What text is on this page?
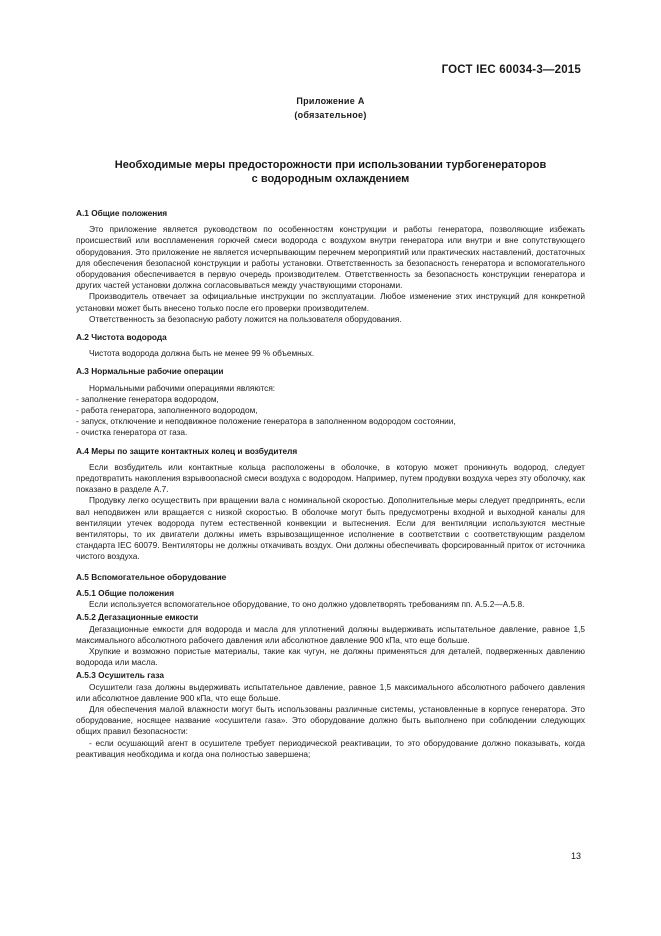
ГОСТ IEC 60034-3—2015
Приложение А
(обязательное)
Необходимые меры предосторожности при использовании турбогенераторов
с водородным охлаждением
А.1 Общие положения

Это приложение является руководством по особенностям конструкции и работы генератора, позволяющие избежать происшествий или воспламенения горючей смеси водорода с воздухом внутри генератора или внутри и вне сопутствующего оборудования. Это приложение не является исчерпывающим перечнем мероприятий или практических наставлений, достаточных для обеспечения безопасной конструкции и работы установки. Ответственность за безопасность генератора и вспомогательного оборудования обеспечивается в первую очередь производителем. Ответственность за безопасность конструкции генератора и других частей установки должна согласовываться между участвующими сторонами.

Производитель отвечает за официальные инструкции по эксплуатации. Любое изменение этих инструкций для конкретной установки может быть внесено только после его проверки производителем.

Ответственность за безопасную работу ложится на пользователя оборудования.

А.2 Чистота водорода

Чистота водорода должна быть не менее 99 % объемных.

А.3 Нормальные рабочие операции

Нормальными рабочими операциями являются:

- заполнение генератора водородом,

- работа генератора, заполненного водородом,

- запуск, отключение и неподвижное положение генератора в заполненном водородом состоянии,

- очистка генератора от газа.

А.4 Меры по защите контактных колец и возбудителя

Если возбудитель или контактные кольца расположены в оболочке, в которую может проникнуть водород, следует предотвратить накопления взрывоопасной смеси воздуха с водородом. Например, путем продувки воздуха через эту оболочку, как показано в разделе А.7.

Продувку легко осуществить при вращении вала с номинальной скоростью. Дополнительные меры следует предпринять, если вал неподвижен или вращается с низкой скоростью. В оболочке могут быть предусмотрены входной и выходной каналы для вентиляции утечек водорода путем естественной конвекции и вытеснения. Если для вентиляции используются местные вентиляторы, то их двигатели должны иметь взрывозащищенное исполнение в соответствии с соответствующим разделом стандарта IEC 60079. Вентиляторы не должны откачивать воздух. Они должны обеспечивать форсированный приток от источника чистого воздуха.

А.5 Вспомогательное оборудование
А.5.1 Общие положения

Если используется вспомогательное оборудование, то оно должно удовлетворять требованиям пп. А.5.2—А.5.8.

А.5.2 Дегазационные емкости

Дегазационные емкости для водорода и масла для уплотнений должны выдерживать испытательное давление, равное 1,5 максимального абсолютного рабочего давления или абсолютное давление 900 кПа, что еще больше.

Хрупкие и возможно пористые материалы, такие как чугун, не должны применяться для деталей, подверженных давлению водорода или масла.

А.5.3 Осушитель газа

Осушители газа должны выдерживать испытательное давление, равное 1,5 максимального абсолютного рабочего давления или абсолютное давление 900 кПа, что еще больше.

Для обеспечения малой влажности могут быть использованы различные системы, установленные в корпусе генератора. Это оборудование, носящее название «осушители газа». Это оборудование должно быть выполнено при соблюдении следующих общих правил безопасности:

- если осушающий агент в осушителе требует периодической реактивации, то это оборудование должно показывать, когда реактивация необходима и когда она полностью завершена;

13
